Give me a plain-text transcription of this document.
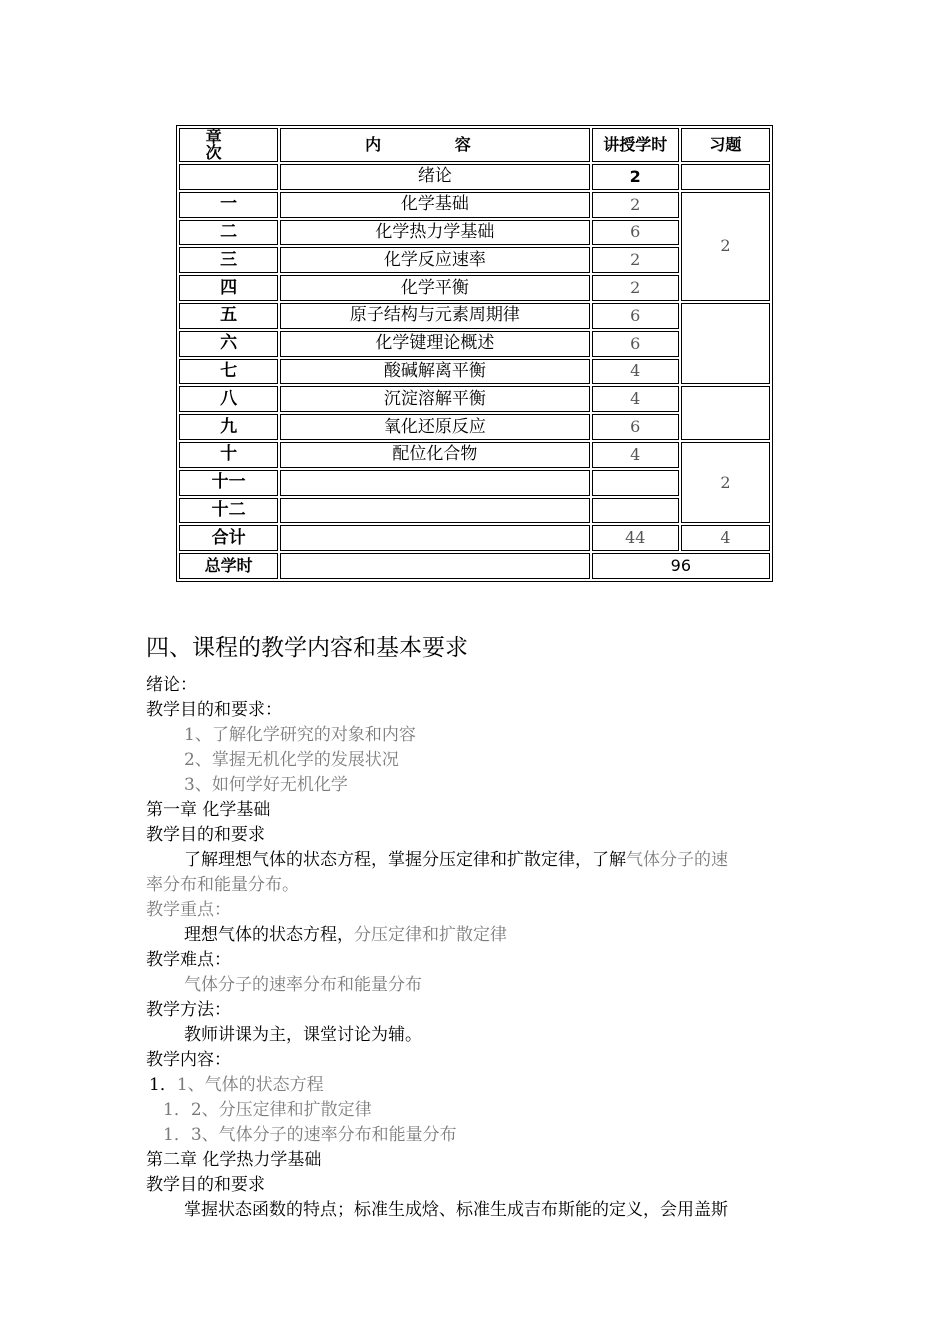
章 次	内 容	讲授学时	习题
	绪论	2	
一	化学基础	2	2
二	化学热力学基础	6	
三	化学反应速率	2	
四	化学平衡	2	
五	原子结构与元素周期律	6	
六	化学键理论概述	6	
七	酸碱解离平衡	4	
八	沉淀溶解平衡	4	
九	氧化还原反应	6	
十	配位化合物	4	2
十一			
十二			
合计		44	4
总学时		96	
四、课程的教学内容和基本要求
绪论：
教学目的和要求：
1、了解化学研究的对象和内容
2、掌握无机化学的发展状况
3、如何学好无机化学
第一章 化学基础
教学目的和要求
了解理想气体的状态方程，掌握分压定律和扩散定律，了解气体分子的速
率分布和能量分布。
教学重点：
理想气体的状态方程，分压定律和扩散定律
教学难点：
气体分子的速率分布和能量分布
教学方法：
教师讲课为主，课堂讨论为辅。
教学内容：
1．1、气体的状态方程
1．2、分压定律和扩散定律
1．3、气体分子的速率分布和能量分布
第二章 化学热力学基础
教学目的和要求
掌握状态函数的特点；标准生成焓、标准生成吉布斯能的定义，会用盖斯
